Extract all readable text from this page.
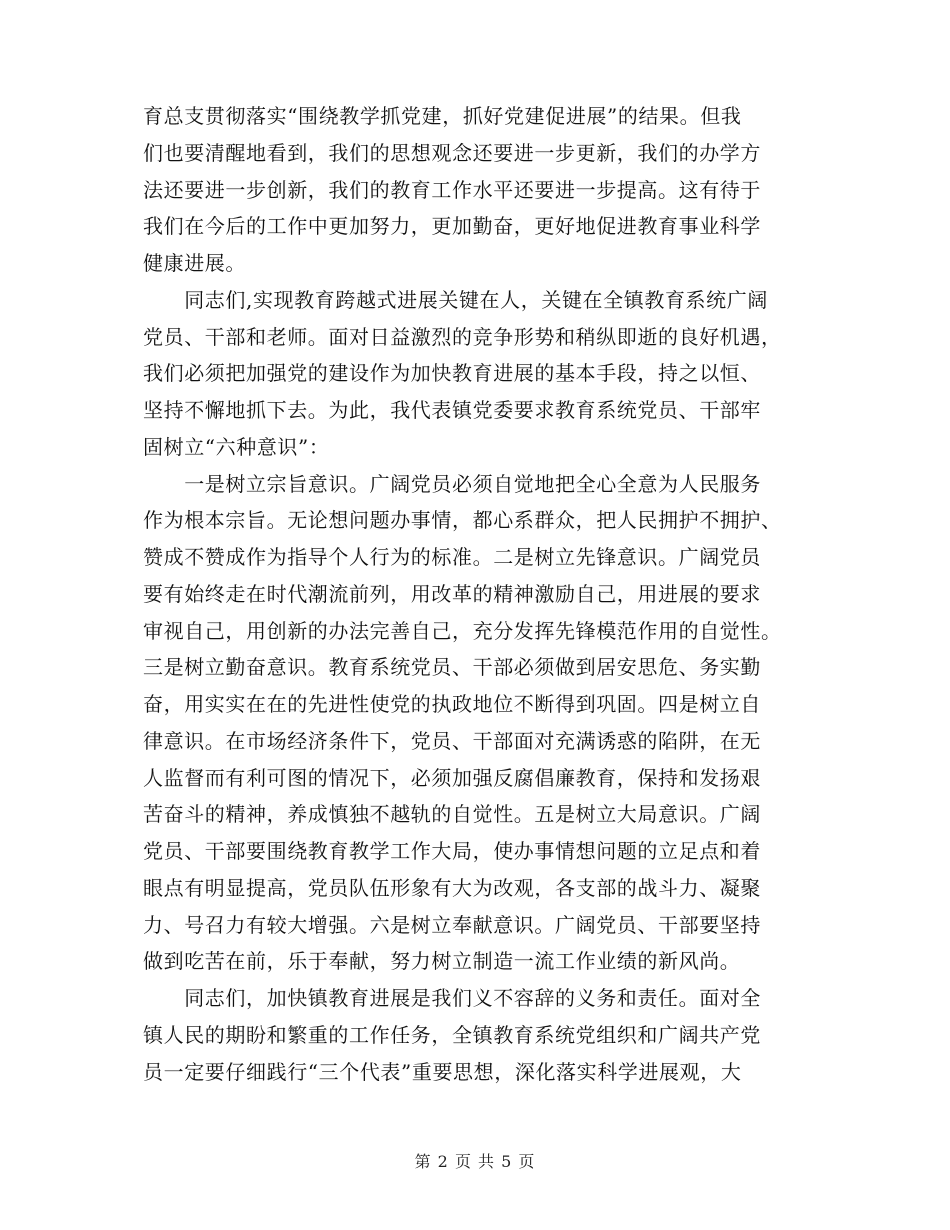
育总支贯彻落实“围绕教学抓党建，抓好党建促进展”的结果。但我
们也要清醒地看到，我们的思想观念还要进一步更新，我们的办学方
法还要进一步创新，我们的教育工作水平还要进一步提高。这有待于
我们在今后的工作中更加努力，更加勤奋，更好地促进教育事业科学
健康进展。
　　同志们,实现教育跨越式进展关键在人，关键在全镇教育系统广阔
党员、干部和老师。面对日益激烈的竞争形势和稍纵即逝的良好机遇，
我们必须把加强党的建设作为加快教育进展的基本手段，持之以恒、
坚持不懈地抓下去。为此，我代表镇党委要求教育系统党员、干部牢
固树立“六种意识”：
　　一是树立宗旨意识。广阔党员必须自觉地把全心全意为人民服务
作为根本宗旨。无论想问题办事情，都心系群众，把人民拥护不拥护、
赞成不赞成作为指导个人行为的标准。二是树立先锋意识。广阔党员
要有始终走在时代潮流前列，用改革的精神激励自己，用进展的要求
审视自己，用创新的办法完善自己，充分发挥先锋模范作用的自觉性。
三是树立勤奋意识。教育系统党员、干部必须做到居安思危、务实勤
奋，用实实在在的先进性使党的执政地位不断得到巩固。四是树立自
律意识。在市场经济条件下，党员、干部面对充满诱惑的陷阱，在无
人监督而有利可图的情况下，必须加强反腐倡廉教育，保持和发扬艰
苦奋斗的精神，养成慎独不越轨的自觉性。五是树立大局意识。广阔
党员、干部要围绕教育教学工作大局，使办事情想问题的立足点和着
眼点有明显提高，党员队伍形象有大为改观，各支部的战斗力、凝聚
力、号召力有较大增强。六是树立奉献意识。广阔党员、干部要坚持
做到吃苦在前，乐于奉献，努力树立制造一流工作业绩的新风尚。
　　同志们，加快镇教育进展是我们义不容辞的义务和责任。面对全
镇人民的期盼和繁重的工作任务，全镇教育系统党组织和广阔共产党
员一定要仔细践行“三个代表”重要思想，深化落实科学进展观，大
第 2 页 共 5 页
